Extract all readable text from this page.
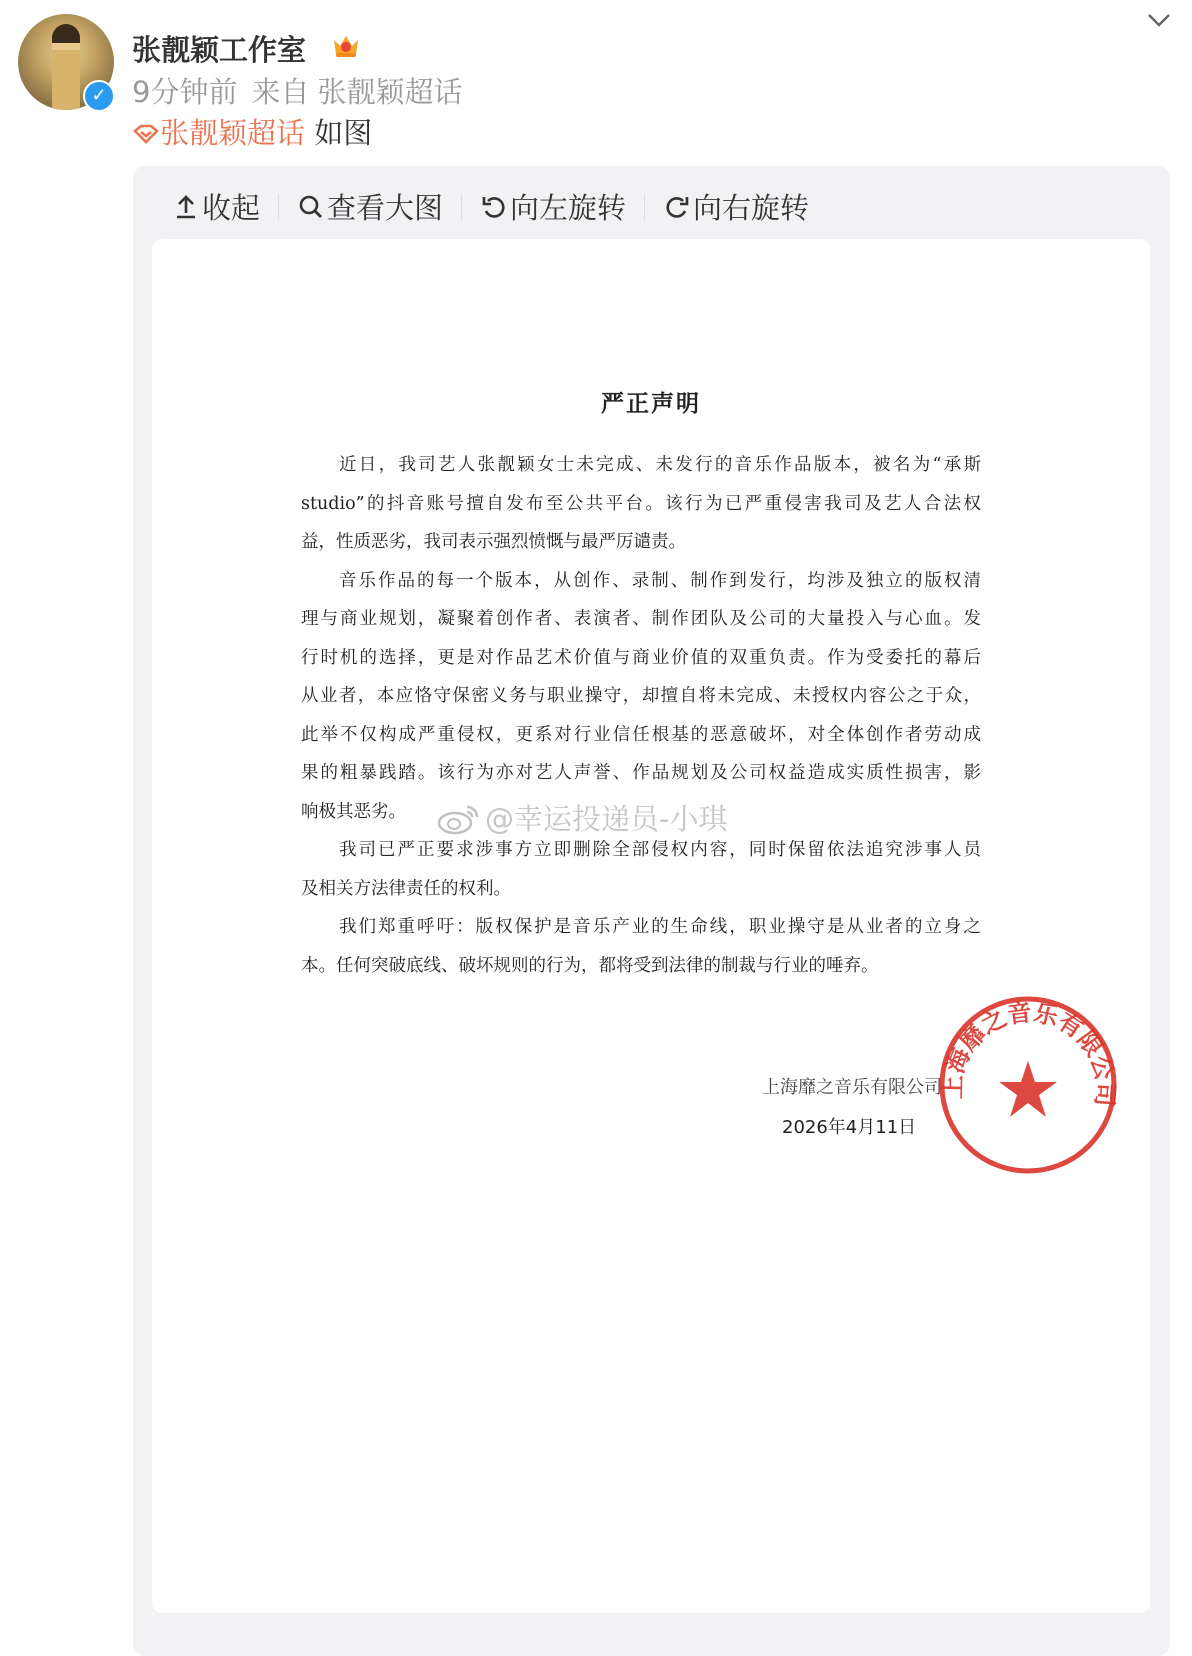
✓
张靓颖工作室
9分钟前 来自 张靓颖超话
张靓颖超话 如图
收起 查看大图 向左旋转 向右旋转
严正声明
近日，我司艺人张靓颖女士未完成、未发行的音乐作品版本，被名为“承斯
studio”的抖音账号擅自发布至公共平台。该行为已严重侵害我司及艺人合法权
益，性质恶劣，我司表示强烈愤慨与最严厉谴责。
音乐作品的每一个版本，从创作、录制、制作到发行，均涉及独立的版权清
理与商业规划，凝聚着创作者、表演者、制作团队及公司的大量投入与心血。发
行时机的选择，更是对作品艺术价值与商业价值的双重负责。作为受委托的幕后
从业者，本应恪守保密义务与职业操守，却擅自将未完成、未授权内容公之于众，
此举不仅构成严重侵权，更系对行业信任根基的恶意破坏，对全体创作者劳动成
果的粗暴践踏。该行为亦对艺人声誉、作品规划及公司权益造成实质性损害，影
响极其恶劣。
我司已严正要求涉事方立即删除全部侵权内容，同时保留依法追究涉事人员
及相关方法律责任的权利。
我们郑重呼吁：版权保护是音乐产业的生命线，职业操守是从业者的立身之
本。任何突破底线、破坏规则的行为，都将受到法律的制裁与行业的唾弃。
@幸运投递员-小琪
上海靡之音乐有限公司
2026年4月11日
上海靡之音乐有限公司
